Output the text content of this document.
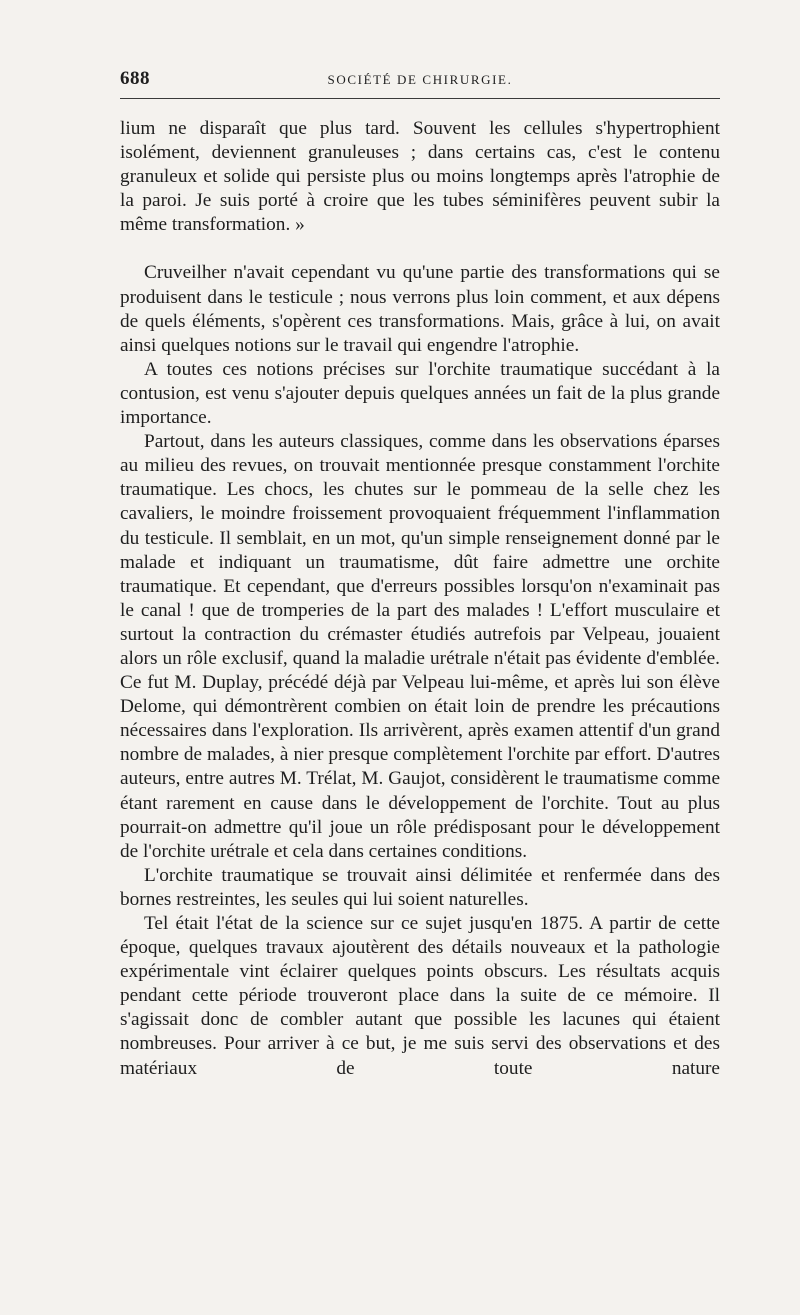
688	SOCIÉTÉ DE CHIRURGIE.

lium ne disparaît que plus tard. Souvent les cellules s'hypertrophient isolément, deviennent granuleuses ; dans certains cas, c'est le contenu granuleux et solide qui persiste plus ou moins longtemps après l'atrophie de la paroi. Je suis porté à croire que les tubes séminifères peuvent subir la même transformation. »

Cruveilher n'avait cependant vu qu'une partie des transformations qui se produisent dans le testicule ; nous verrons plus loin comment, et aux dépens de quels éléments, s'opèrent ces transformations. Mais, grâce à lui, on avait ainsi quelques notions sur le travail qui engendre l'atrophie.

A toutes ces notions précises sur l'orchite traumatique succédant à la contusion, est venu s'ajouter depuis quelques années un fait de la plus grande importance.

Partout, dans les auteurs classiques, comme dans les observations éparses au milieu des revues, on trouvait mentionnée presque constamment l'orchite traumatique. Les chocs, les chutes sur le pommeau de la selle chez les cavaliers, le moindre froissement provoquaient fréquemment l'inflammation du testicule. Il semblait, en un mot, qu'un simple renseignement donné par le malade et indiquant un traumatisme, dût faire admettre une orchite traumatique. Et cependant, que d'erreurs possibles lorsqu'on n'examinait pas le canal ! que de tromperies de la part des malades ! L'effort musculaire et surtout la contraction du crémaster étudiés autrefois par Velpeau, jouaient alors un rôle exclusif, quand la maladie urétrale n'était pas évidente d'emblée. Ce fut M. Duplay, précédé déjà par Velpeau lui-même, et après lui son élève Delome, qui démontrèrent combien on était loin de prendre les précautions nécessaires dans l'exploration. Ils arrivèrent, après examen attentif d'un grand nombre de malades, à nier presque complètement l'orchite par effort. D'autres auteurs, entre autres M. Trélat, M. Gaujot, considèrent le traumatisme comme étant rarement en cause dans le développement de l'orchite. Tout au plus pourrait-on admettre qu'il joue un rôle prédisposant pour le développement de l'orchite urétrale et cela dans certaines conditions.

L'orchite traumatique se trouvait ainsi délimitée et renfermée dans des bornes restreintes, les seules qui lui soient naturelles.

Tel était l'état de la science sur ce sujet jusqu'en 1875. A partir de cette époque, quelques travaux ajoutèrent des détails nouveaux et la pathologie expérimentale vint éclairer quelques points obscurs. Les résultats acquis pendant cette période trouveront place dans la suite de ce mémoire. Il s'agissait donc de combler autant que possible les lacunes qui étaient nombreuses. Pour arriver à ce but, je me suis servi des observations et des matériaux de toute nature
